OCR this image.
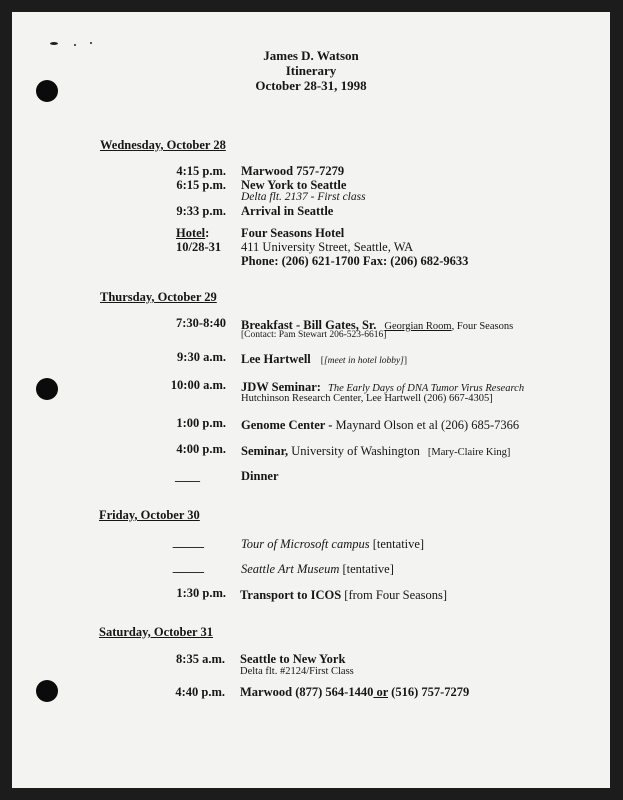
James D. Watson
Itinerary
October 28-31, 1998
Wednesday, October 28
4:15 p.m. Marwood 757-7279
6:15 p.m. New York to Seattle
Delta flt. 2137 - First class
9:33 p.m. Arrival in Seattle
Hotel:	Four Seasons Hotel
10/28-31 411 University Street, Seattle, WA
Phone: (206) 621-1700 Fax: (206) 682-9633
Thursday, October 29
7:30-8:40 Breakfast - Bill Gates, Sr. Georgian Room, Four Seasons
[Contact: Pam Stewart 206-523-6616]
9:30 a.m. Lee Hartwell [[meet in hotel lobby]]
10:00 a.m. JDW Seminar: The Early Days of DNA Tumor Virus Research
Hutchinson Research Center, Lee Hartwell (206) 667-4305]
1:00 p.m. Genome Center - Maynard Olson et al (206) 685-7366
4:00 p.m. Seminar, University of Washington [Mary-Claire King]
____	Dinner
Friday, October 30
_____	Tour of Microsoft campus [tentative]
_____	Seattle Art Museum [tentative]
1:30 p.m. Transport to ICOS [from Four Seasons]
Saturday, October 31
8:35 a.m. Seattle to New York
Delta flt. #2124/First Class
4:40 p.m. Marwood (877) 564-1440 or (516) 757-7279
